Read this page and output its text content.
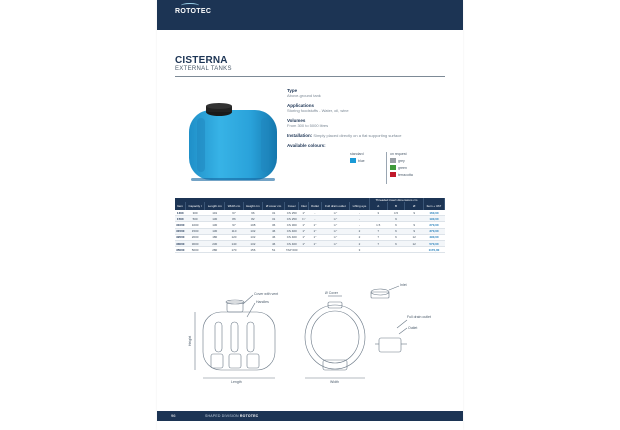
ROTOTEC
CISTERNA
EXTERNAL TANKS
Type
Above-ground tank
Applications
Storing foodstuffs - Water, oil, wine
Volumes
From 300 to 5000 litres
Installation: Simply placed directly on a flat supporting surface
Available colours:
standard
blue
on request
grey
green
terracotta
											Threaded insert dimensions cm			
Item	Capacity l	Length cm	Width cm	Height cm	Ø cover cm	Cover	Inlet	Outlet	Full drain outlet	Lifting eye	A	B	Ø	Item + VAT
1300	300	101	67	66	31	CS 250	1"	-	¾"	-	3	4.5	9	160,00
1500	500	130	86	82	31	CS 250	¾"	-	¾"	-		9		190,00
31000	1000	130	97	108	36	CS 300	1"	1"	¾"	-	1.5	6	9	270,00
31500	1500	130	110	132	46	CS 400	1"	1"	¾"	2	7	6	9	370,00
32000	2000	180	120	132	46	CS 400	1"	1"	¾"	2	7	6	12	490,00
33000	3000	230	140	132	46	CS 400	1"	1"	¾"	2	7	6	12	570,00
35000	5000	280	170	156	51	TAP 600				3				1170,00
Cover with vent
Handles
Height
Length
Ø Cover
Width
Inlet
Full drain outlet
Outlet
96	SHAPED DIVISION ROTOTEC
